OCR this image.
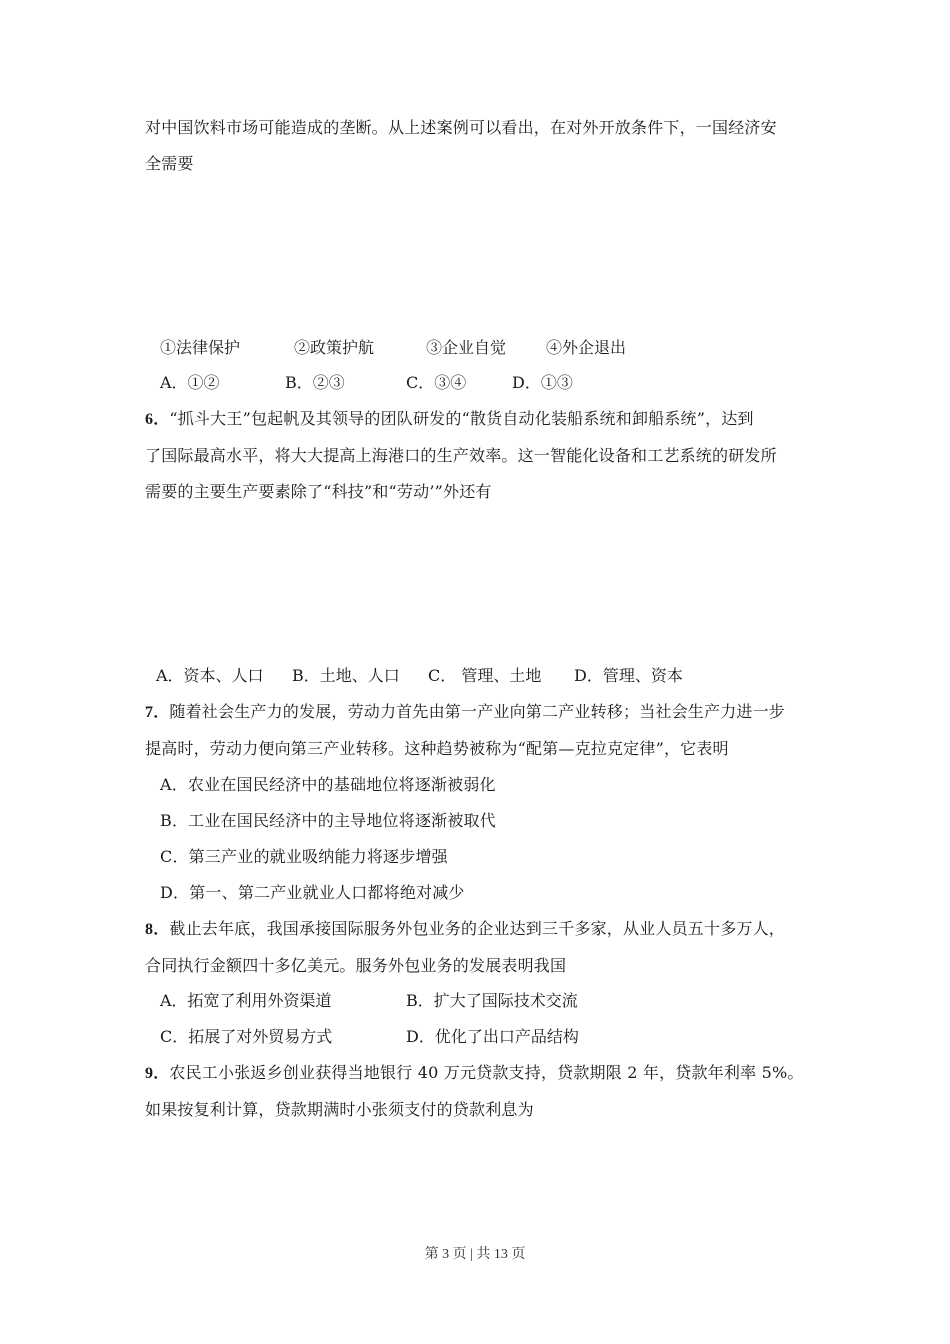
对中国饮料市场可能造成的垄断。从上述案例可以看出，在对外开放条件下，一国经济安
全需要
①法律保护	②政策护航	③企业自觉 ④外企退出
A．①②	B．②③	C．③④	D．①③
6．“抓斗大王”包起帆及其领导的团队研发的“散货自动化装船系统和卸船系统”，达到
了国际最高水平，将大大提高上海港口的生产效率。这一智能化设备和工艺系统的研发所
需要的主要生产要素除了“科技”和“劳动’”外还有
A．资本、人口 B．土地、人口 C． 管理、土地 D．管理、资本
7．随着社会生产力的发展，劳动力首先由第一产业向第二产业转移；当社会生产力进一步
提高时，劳动力便向第三产业转移。这种趋势被称为“配第—克拉克定律”，它表明
A．农业在国民经济中的基础地位将逐渐被弱化
B．工业在国民经济中的主导地位将逐渐被取代
C．第三产业的就业吸纳能力将逐步增强
D．第一、第二产业就业人口都将绝对减少
8．截止去年底，我国承接国际服务外包业务的企业达到三千多家，从业人员五十多万人，
合同执行金额四十多亿美元。服务外包业务的发展表明我国
A．拓宽了利用外资渠道	B．扩大了国际技术交流
C．拓展了对外贸易方式	D．优化了出口产品结构
9．农民工小张返乡创业获得当地银行 40 万元贷款支持，贷款期限 2 年，贷款年利率 5%。
如果按复利计算，贷款期满时小张须支付的贷款利息为
第 3 页 | 共 13 页
